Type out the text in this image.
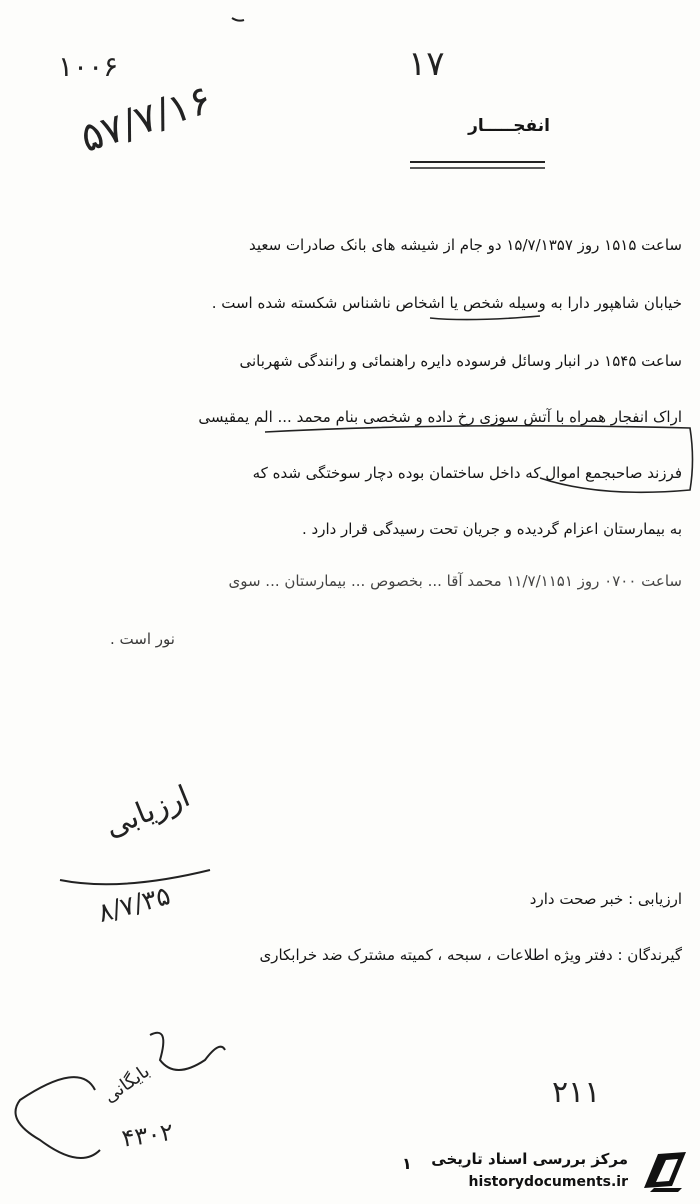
۱۰۰۶	۱۷
۵۷/۷/۱۶	انفجـــــار
ساعت ۱۵۱۵ روز ۱۵/۷/۱۳۵۷ دو جام از شیشه های بانک صادرات سعید
خیابان شاهپور دارا به وسیله شخص یا اشخاص ناشناس شکسته شده است .
ساعت ۱۵۴۵ در انبار وسائل فرسوده دایره راهنمائی و رانندگی شهربانی
اراک انفجار همراه با آتش سوزی رخ داده و شخصی بنام محمد ... الم یمقیسی
فرزند صاحبجمع اموال که داخل ساختمان بوده دچار سوختگی شده که
به بیمارستان اعزام گردیده و جریان تحت رسیدگی قرار دارد .
ساعت ۰۷۰۰ روز ۱۱/۷/۱۱۵۱ محمد آقا ... بخصوص ... بیمارستان ... سوی
نور است .
ارزیابی
۸/۷/۳۵
بایگانی
۴۳۰۲
ارزیابی : خبر صحت دارد
گیرندگان : دفتر ویژه اطلاعات ، سبحه ، کمیته مشترک ضد خرابکاری
۲۱۱
مرکز بررسی اسناد تاریخی
historydocuments.ir
۱
